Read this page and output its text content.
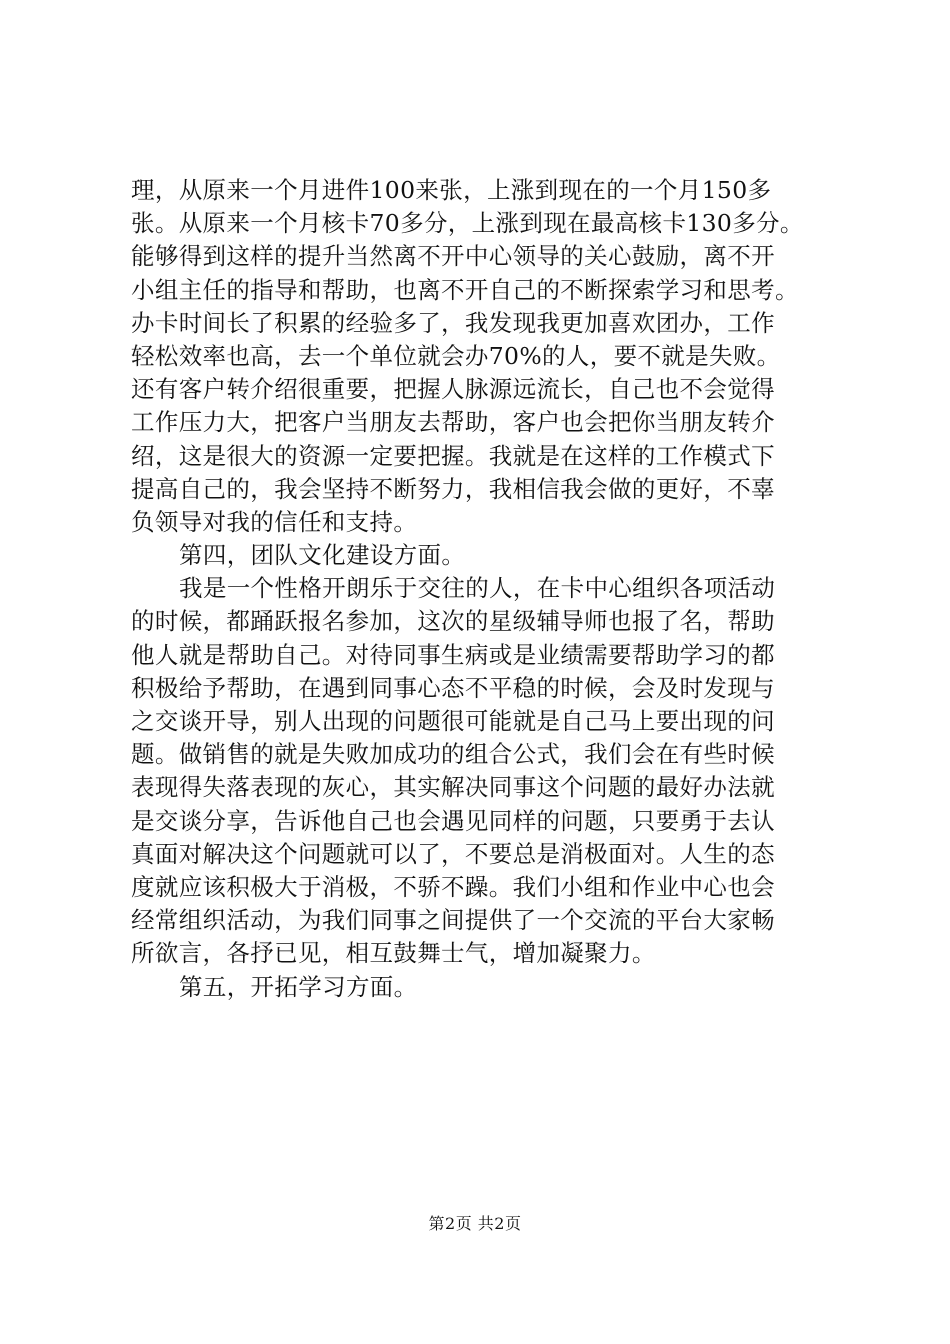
理，从原来一个月进件100来张，上涨到现在的一个月150多
张。从原来一个月核卡70多分，上涨到现在最高核卡130多分。
能够得到这样的提升当然离不开中心领导的关心鼓励，离不开
小组主任的指导和帮助，也离不开自己的不断探索学习和思考。
办卡时间长了积累的经验多了，我发现我更加喜欢团办，工作
轻松效率也高，去一个单位就会办70%的人，要不就是失败。
还有客户转介绍很重要，把握人脉源远流长，自己也不会觉得
工作压力大，把客户当朋友去帮助，客户也会把你当朋友转介
绍，这是很大的资源一定要把握。我就是在这样的工作模式下
提高自己的，我会坚持不断努力，我相信我会做的更好，不辜
负领导对我的信任和支持。
第四，团队文化建设方面。
我是一个性格开朗乐于交往的人，在卡中心组织各项活动
的时候，都踊跃报名参加，这次的星级辅导师也报了名，帮助
他人就是帮助自己。对待同事生病或是业绩需要帮助学习的都
积极给予帮助，在遇到同事心态不平稳的时候，会及时发现与
之交谈开导，别人出现的问题很可能就是自己马上要出现的问
题。做销售的就是失败加成功的组合公式，我们会在有些时候
表现得失落表现的灰心，其实解决同事这个问题的最好办法就
是交谈分享，告诉他自己也会遇见同样的问题，只要勇于去认
真面对解决这个问题就可以了，不要总是消极面对。人生的态
度就应该积极大于消极，不骄不躁。我们小组和作业中心也会
经常组织活动，为我们同事之间提供了一个交流的平台大家畅
所欲言，各抒已见，相互鼓舞士气，增加凝聚力。
第五，开拓学习方面。
第2页 共2页
